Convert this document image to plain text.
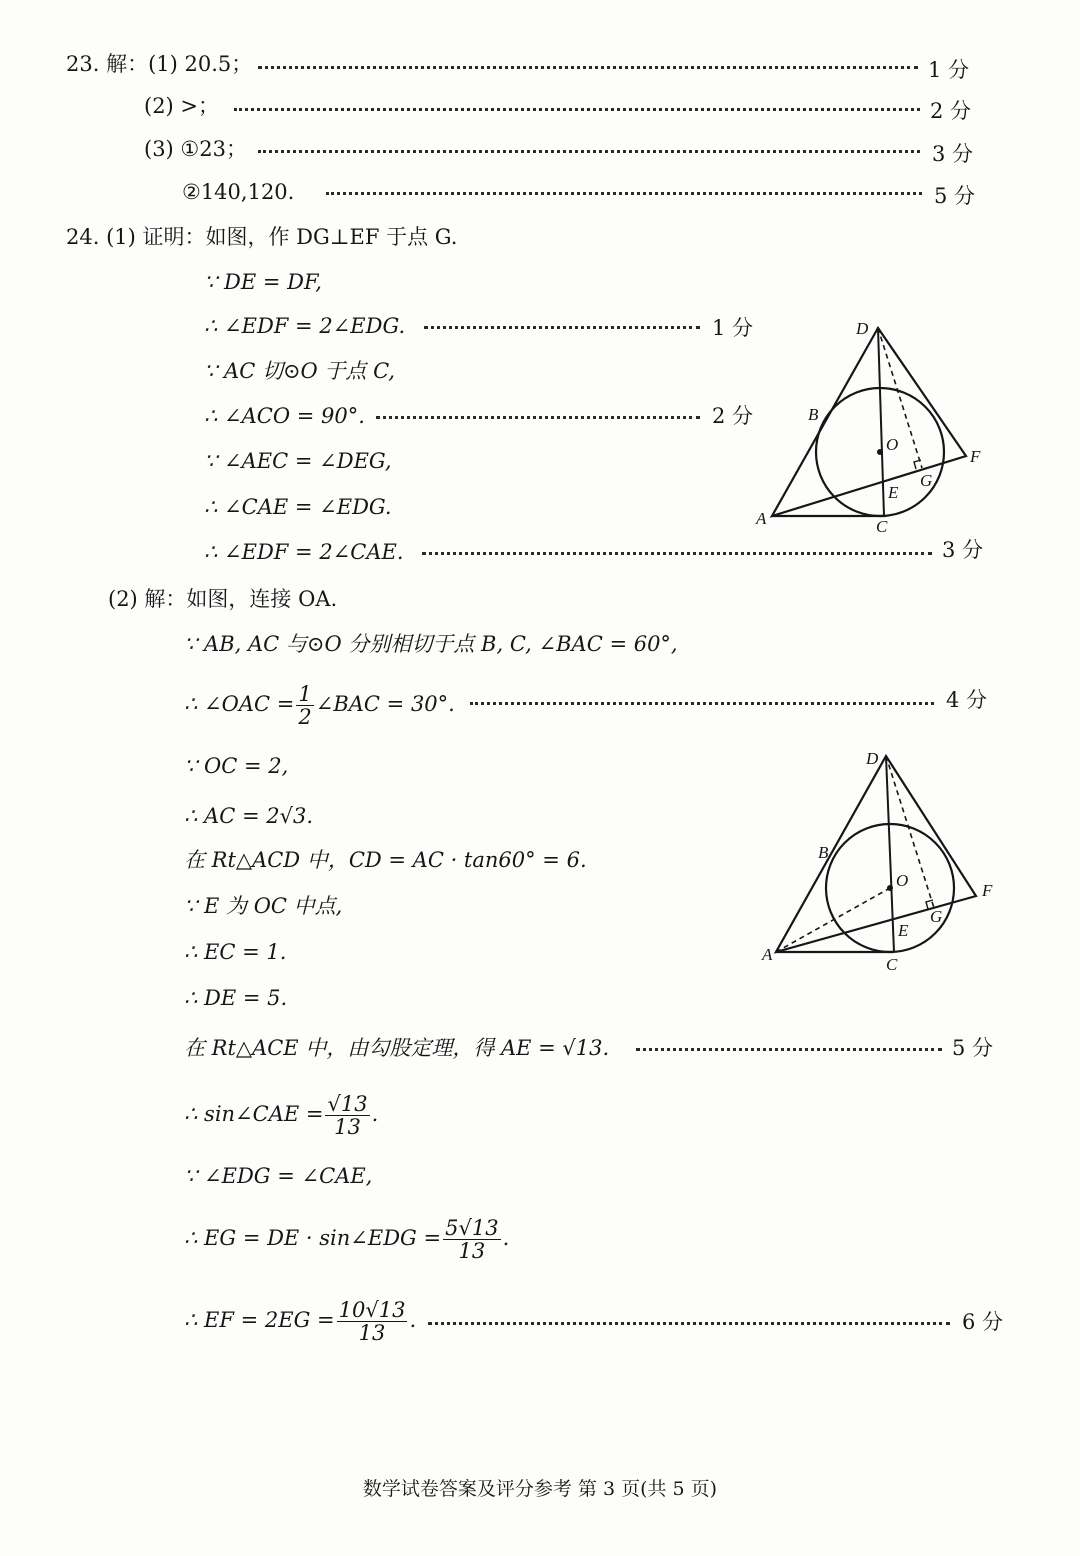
23. 解：(1) 20.5；	1 分
(2) >；	2 分
(3) ①23；	3 分
②140,120.	5 分
24. (1) 证明：如图，作 DG⊥EF 于点 G.
∵ DE = DF,
∴ ∠EDF = 2∠EDG.	1 分
∵ AC 切⊙O 于点 C,
∴ ∠ACO = 90°.	2 分
∵ ∠AEC = ∠DEG,
∴ ∠CAE = ∠EDG.
∴ ∠EDF = 2∠CAE.	3 分
D
B
O
F
E
G
A	C
(2) 解：如图，连接 OA.
∵ AB, AC 与⊙O 分别相切于点 B, C, ∠BAC = 60°,
∴ ∠OAC = $\frac{1}{2}$ ∠BAC = 30°.	4 分
∵ OC = 2,
∴ AC = 2√3.
在 Rt△ACD 中，CD = AC · tan60° = 6.
∵ E 为 OC 中点,
∴ EC = 1.
∴ DE = 5.
在 Rt△ACE 中，由勾股定理，得 AE = √13.	5 分
∴ sin∠CAE = $\frac{√13}{13}$ .
∵ ∠EDG = ∠CAE,
∴ EG = DE · sin∠EDG = $\frac{5√13}{13}$ .
∴ EF = $2EG = \frac{10√13}{13}$ .	6 分
D
B
O
F
E
G
A
C
数学试卷答案及评分参考 第 3 页(共 5 页)
